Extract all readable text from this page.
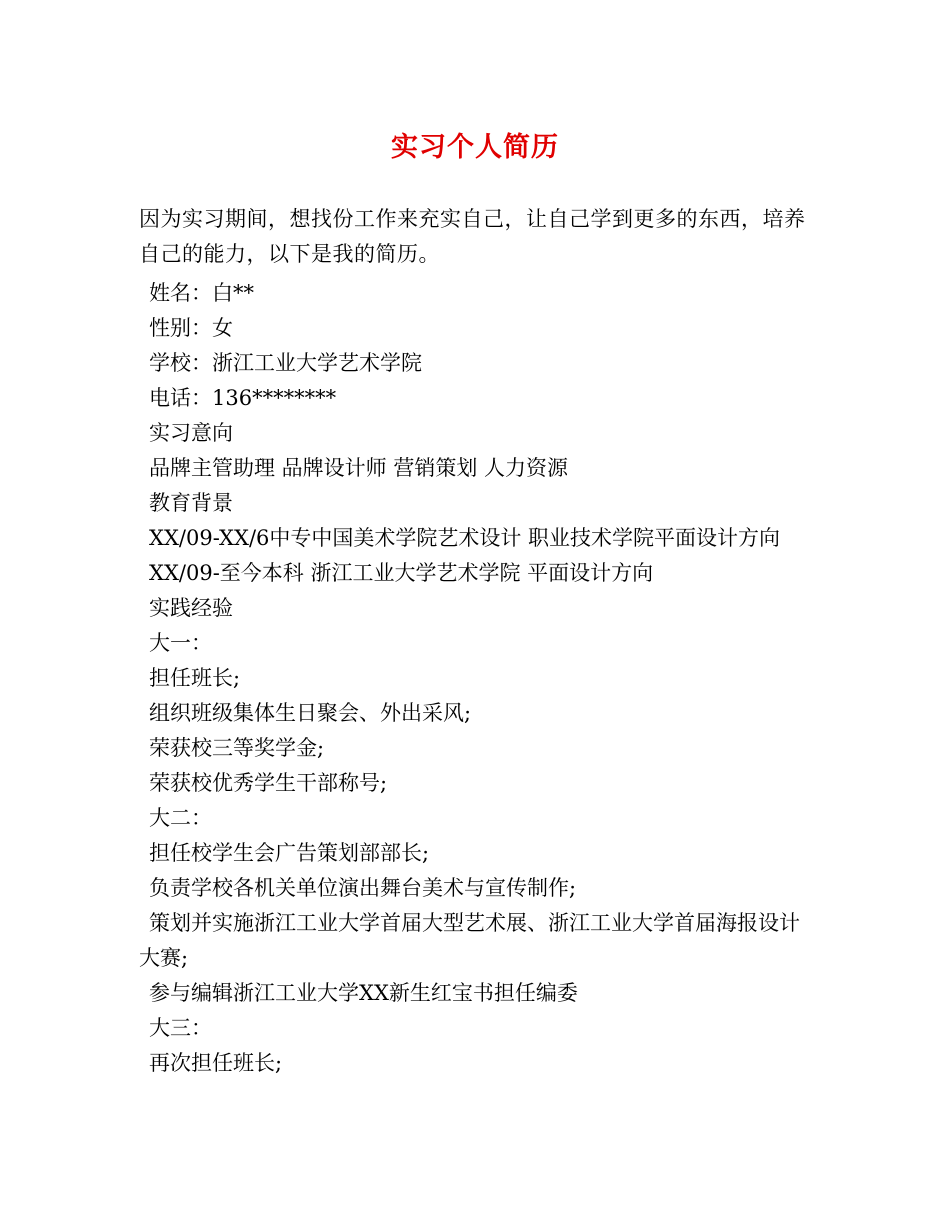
实习个人简历
因为实习期间，想找份工作来充实自己，让自己学到更多的东西，培养自己的能力，以下是我的简历。
姓名：白**
性别：女
学校：浙江工业大学艺术学院
电话：136********
实习意向
品牌主管助理 品牌设计师 营销策划 人力资源
教育背景
XX/09-XX/6中专中国美术学院艺术设计 职业技术学院平面设计方向
XX/09-至今本科 浙江工业大学艺术学院 平面设计方向
实践经验
大一：
担任班长;
组织班级集体生日聚会、外出采风;
荣获校三等奖学金;
荣获校优秀学生干部称号;
大二：
担任校学生会广告策划部部长;
负责学校各机关单位演出舞台美术与宣传制作;
策划并实施浙江工业大学首届大型艺术展、浙江工业大学首届海报设计大赛;
参与编辑浙江工业大学XX新生红宝书担任编委
大三：
再次担任班长;
